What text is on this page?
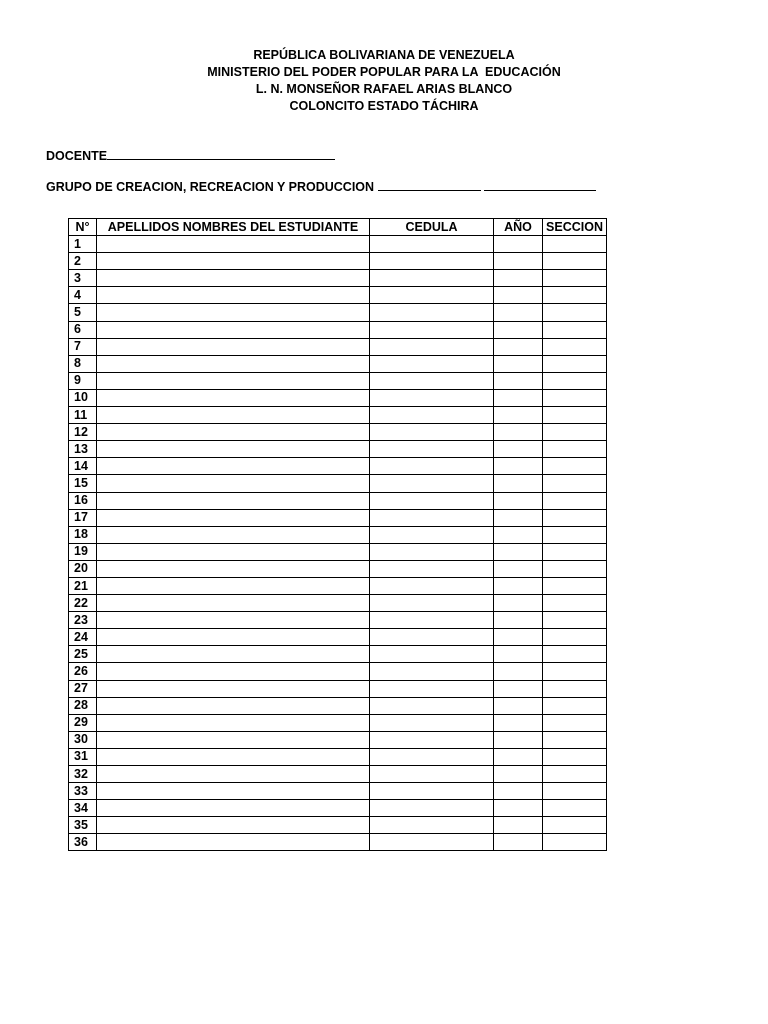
REPÚBLICA BOLIVARIANA DE VENEZUELA
MINISTERIO DEL PODER POPULAR PARA LA  EDUCACIÓN
L. N. MONSEÑOR RAFAEL ARIAS BLANCO
COLONCITO ESTADO TÁCHIRA
DOCENTE
GRUPO DE CREACION, RECREACION Y PRODUCCION
N°	APELLIDOS NOMBRES DEL ESTUDIANTE	CEDULA	AÑO	SECCION
1				
2				
3				
4				
5				
6				
7				
8				
9				
10				
11				
12				
13				
14				
15				
16				
17				
18				
19				
20				
21				
22				
23				
24				
25				
26				
27				
28				
29				
30				
31				
32				
33				
34				
35				
36				
